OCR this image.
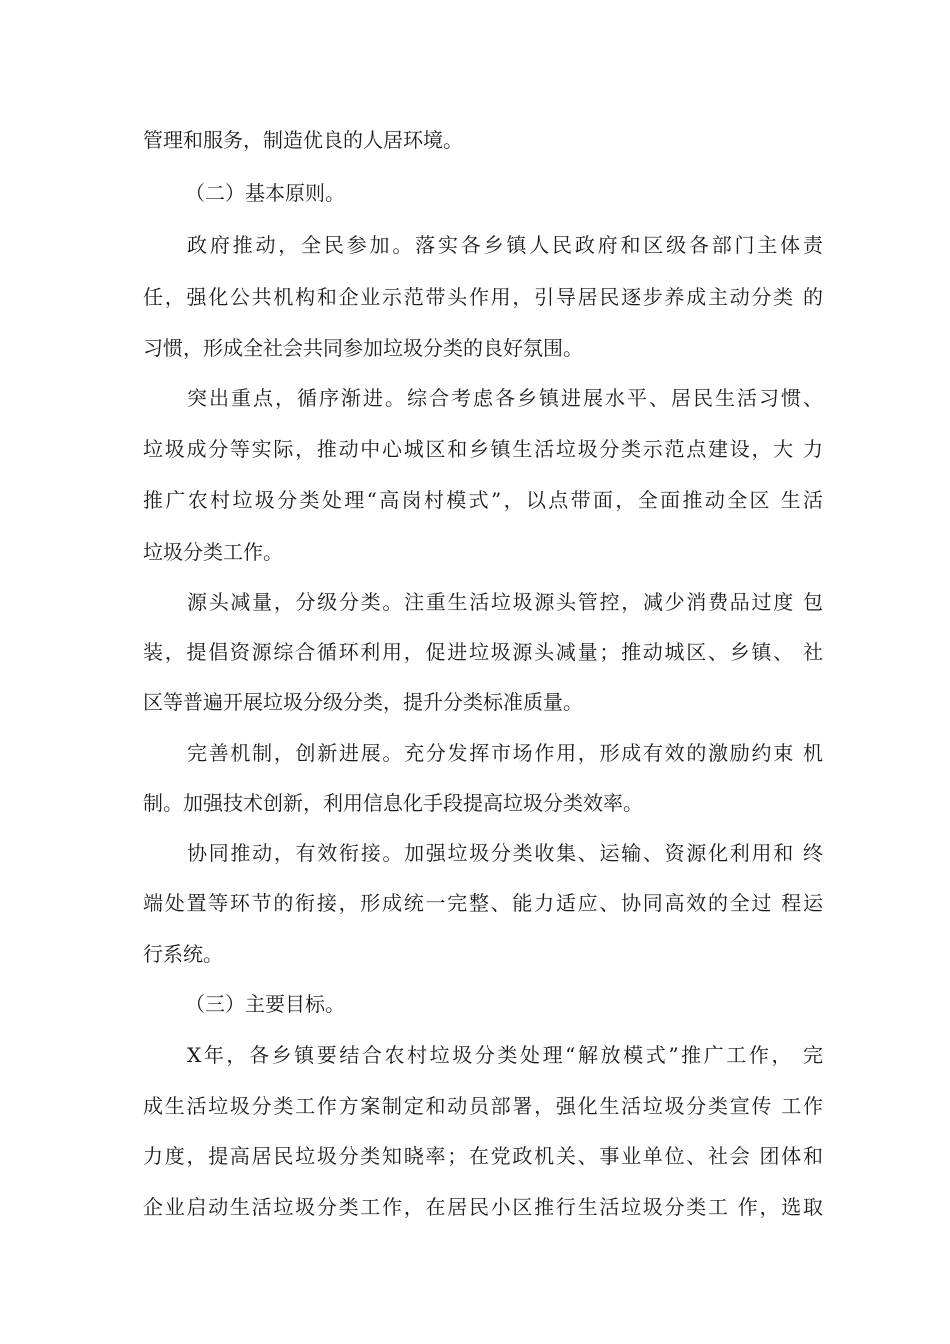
管理和服务，制造优良的人居环境。
（二）基本原则。
政府推动，全民参加。落实各乡镇人民政府和区级各部门主体责
任，强化公共机构和企业示范带头作用，引导居民逐步养成主动分类 的
习惯，形成全社会共同参加垃圾分类的良好氛围。
突出重点，循序渐进。综合考虑各乡镇进展水平、居民生活习惯、
垃圾成分等实际，推动中心城区和乡镇生活垃圾分类示范点建设，大 力
推广农村垃圾分类处理“高岗村模式”，以点带面，全面推动全区 生活
垃圾分类工作。
源头减量，分级分类。注重生活垃圾源头管控，减少消费品过度 包
装，提倡资源综合循环利用，促进垃圾源头减量；推动城区、乡镇、 社
区等普遍开展垃圾分级分类，提升分类标准质量。
完善机制，创新进展。充分发挥市场作用，形成有效的激励约束 机
制。加强技术创新，利用信息化手段提高垃圾分类效率。
协同推动，有效衔接。加强垃圾分类收集、运输、资源化利用和 终
端处置等环节的衔接，形成统一完整、能力适应、协同高效的全过 程运
行系统。
（三）主要目标。
X年，各乡镇要结合农村垃圾分类处理“解放模式”推广工作， 完
成生活垃圾分类工作方案制定和动员部署，强化生活垃圾分类宣传 工作
力度，提高居民垃圾分类知晓率；在党政机关、事业单位、社会 团体和
企业启动生活垃圾分类工作，在居民小区推行生活垃圾分类工 作，选取
